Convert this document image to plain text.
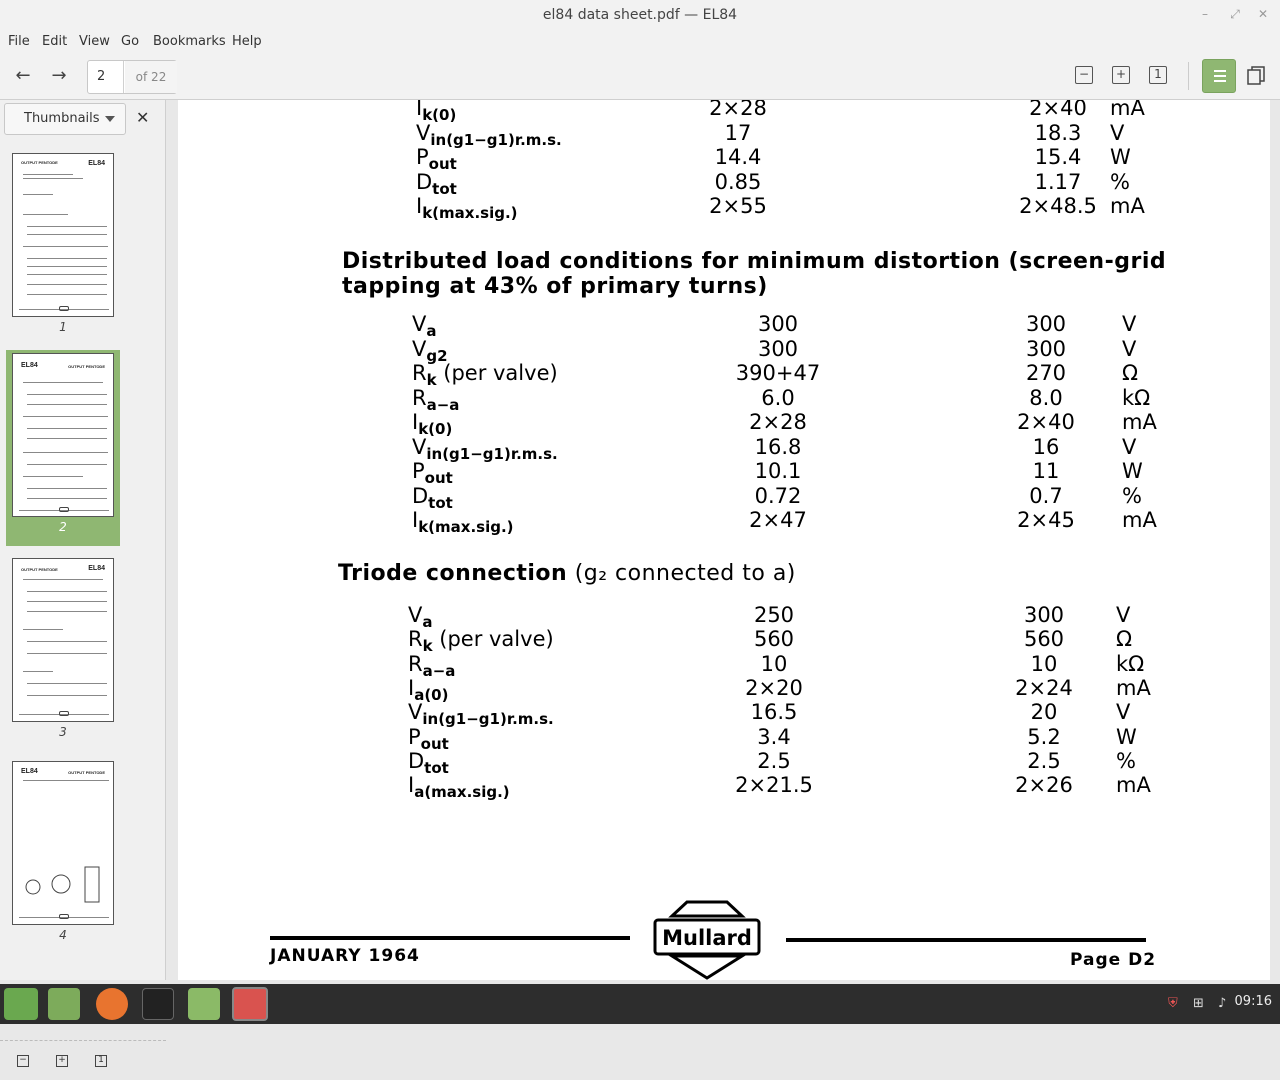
el84 data sheet.pdf — EL84	–	⤢	✕
File Edit View Go Bookmarks Help
←	→	2	of 22	−	+	1
Thumbnails	✕
OUTPUT PENTODE	EL84
1
EL84	OUTPUT PENTODE
2
OUTPUT PENTODE	EL84
3
EL84	OUTPUT PENTODE
4
−	+	1
$I_{k(0)}$	2×28	2×40	mA
$V_{in(g1-g1)r.m.s.}$	17	18.3	V
$P_{out}$	14.4	15.4	W
$D_{tot}$	0.85	1.17	%
$I_{k(max.sig.)}$	2×55	2×48.5 mA
$V_a$	300	300	V
$V_{g2}$	300	300	V
$R_k$ (per valve)	390+47	270	Ω
$R_{a-a}$	6.0	8.0	kΩ
$I_{k(0)}$	2×28	2×40	mA
$V_{in(g1-g1)r.m.s.}$	16.8	16	V
$P_{out}$	10.1	11	W
$D_{tot}$	0.72	0.7	%
$I_{k(max.sig.)}$	2×47	2×45	mA
$V_a$	250	300	V
$R_k$ (per valve)	560	560	Ω
$R_{a-a}$	10	10	kΩ
$I_{a(0)}$	2×20	2×24	mA
$V_{in(g1-g1)r.m.s.}$	16.5	20	V
$P_{out}$	3.4	5.2	W
$D_{tot}$	2.5	2.5	%
$I_{a(max.sig.)}$	2×21.5	2×26	mA
Distributed load conditions for minimum distortion (screen-grid
tapping at 43% of primary turns)
Triode connection (g₂ connected to a)
JANUARY 1964	Page D2
Mullard
⛨	⊞	♪ 09:16
